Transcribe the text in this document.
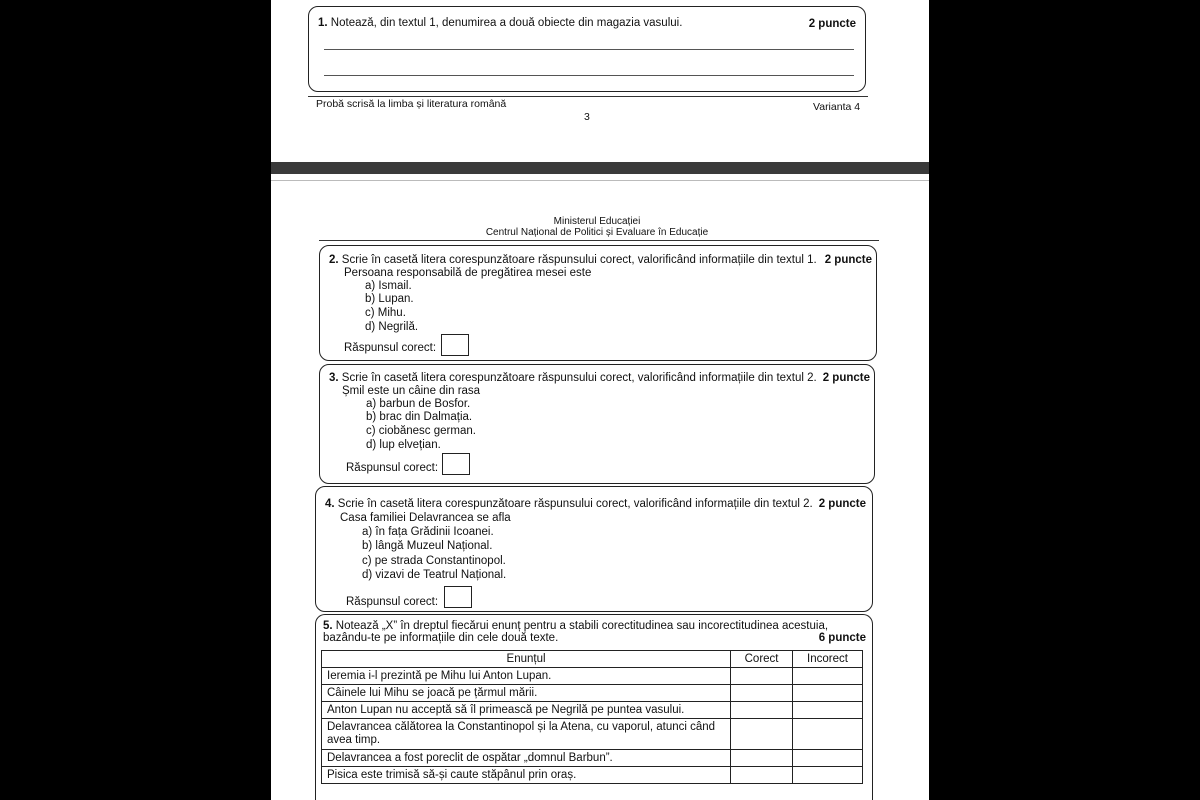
1. Notează, din textul 1, denumirea a două obiecte din magazia vasului.	2 puncte
Probă scrisă la limba și literatura română	Varianta 4
3
Ministerul Educației
Centrul Național de Politici și Evaluare în Educație
2. Scrie în casetă litera corespunzătoare răspunsului corect, valorificând informațiile din textul 1. 2 puncte
Persoana responsabilă de pregătirea mesei este
a) Ismail.
b) Lupan.
c) Mihu.
d) Negrilă.
Răspunsul corect:
3. Scrie în casetă litera corespunzătoare răspunsului corect, valorificând informațiile din textul 2. 2 puncte
Șmil este un câine din rasa
a) barbun de Bosfor.
b) brac din Dalmația.
c) ciobănesc german.
d) lup elvețian.
Răspunsul corect:
4. Scrie în casetă litera corespunzătoare răspunsului corect, valorificând informațiile din textul 2. 2 puncte
Casa familiei Delavrancea se afla
a) în fața Grădinii Icoanei.
b) lângă Muzeul Național.
c) pe strada Constantinopol.
d) vizavi de Teatrul Național.
Răspunsul corect:
5. Notează „X” în dreptul fiecărui enunț pentru a stabili corectitudinea sau incorectitudinea acestuia,
bazându-te pe informațiile din cele două texte.	6 puncte
Enunțul	Corect	Incorect
Ieremia i-l prezintă pe Mihu lui Anton Lupan.		
Câinele lui Mihu se joacă pe țărmul mării.		
Anton Lupan nu acceptă să îl primească pe Negrilă pe puntea vasului.		
Delavrancea călătorea la Constantinopol și la Atena, cu vaporul, atunci când avea timp.		
Delavrancea a fost poreclit de ospătar „domnul Barbun”.		
Pisica este trimisă să-și caute stăpânul prin oraș.		
